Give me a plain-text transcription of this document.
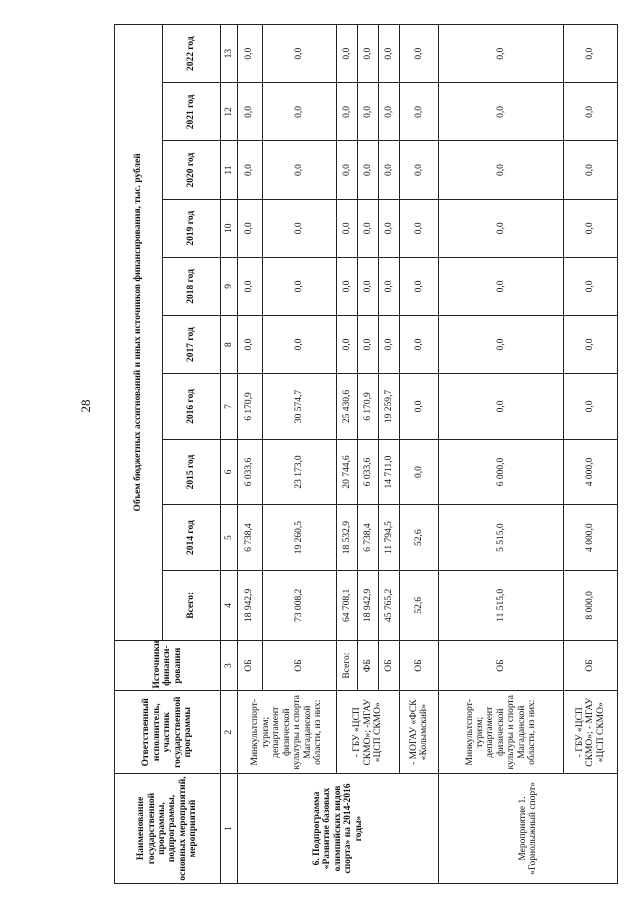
28
Наименование государственной программы, подпрограммы, основных мероприятий, мероприятий	Ответственный исполнитель, участник государственной программы	Источники финанси-рования	Объем бюджетных ассигнований и иных источников финансирования, тыс. рублей									
			Всего:	2014 год	2015 год	2016 год	2017 год	2018 год	2019 год	2020 год	2021 год	2022 год
1	2	3	4	5	6	7	8	9	10	11	12	13
6. Подпрограмма «Развитие базовых олимпийских видов спорта» на 2014-2016 годы»	Минкультспорт-туризм; департамент физической культуры и спорта Магаданской области, из них:	ОБ	18 942,9	6 738,4	6 033,6	6 170,9	0,0	0,0	0,0	0,0	0,0	0,0
		ОБ	73 008,2	19 260,5	23 173,0	30 574,7	0,0	0,0	0,0	0,0	0,0	0,0
	- ГБУ «ЦСП СКМО»; -МГАУ «ЦСП СКМО»	Всего:	64 708,1	18 532,9	20 744,6	25 430,6	0,0	0,0	0,0	0,0	0,0	0,0
		ФБ	18 942,9	6 738,4	6 033,6	6 170,9	0,0	0,0	0,0	0,0	0,0	0,0
		ОБ	45 765,2	11 794,5	14 711,0	19 259,7	0,0	0,0	0,0	0,0	0,0	0,0
	- МОГАУ «ФСК «Колымский»	ОБ	52,6	52,6	0,0	0,0	0,0	0,0	0,0	0,0	0,0	0,0
Мероприятие 1. «Горнолыжный спорт»	Минкультспорт-туризм; департамент физической культуры и спорта Магаданской области, из них:	ОБ	11 515,0	5 515,0	6 000,0	0,0	0,0	0,0	0,0	0,0	0,0	0,0
	- ГБУ «ЦСП СКМО»; - МГАУ «ЦСП СКМО»	ОБ	8 000,0	4 000,0	4 000,0	0,0	0,0	0,0	0,0	0,0	0,0	0,0
